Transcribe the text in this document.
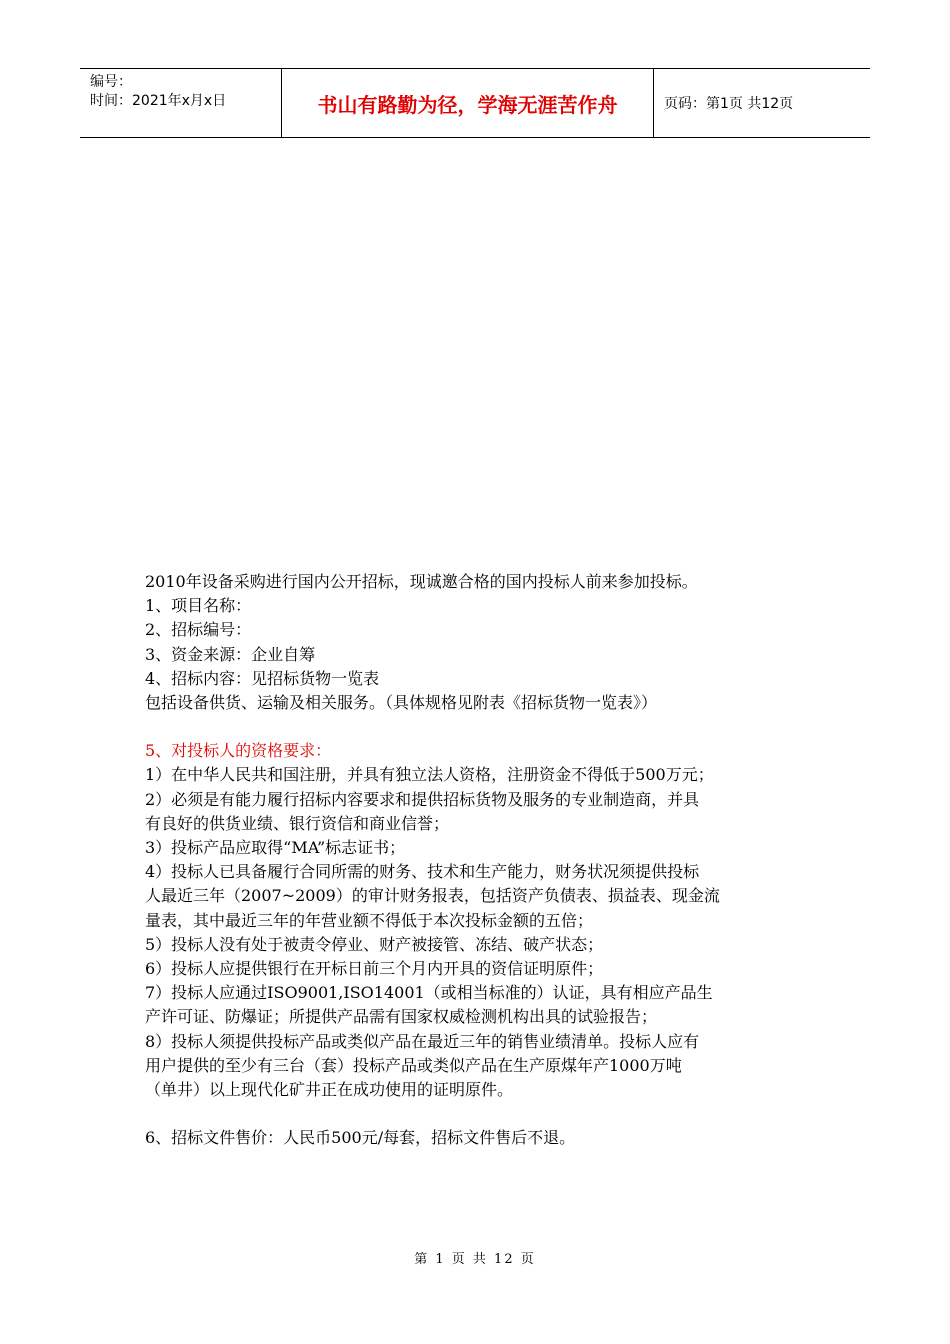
编号：
时间：2021年x月x日	书山有路勤为径，学海无涯苦作舟	页码：第1页 共12页
2010年设备采购进行国内公开招标，现诚邀合格的国内投标人前来参加投标。
1、项目名称：
2、招标编号：
3、资金来源：企业自筹
4、招标内容：见招标货物一览表
包括设备供货、运输及相关服务。（具体规格见附表《招标货物一览表》）
5、对投标人的资格要求：
1）在中华人民共和国注册，并具有独立法人资格，注册资金不得低于500万元；
2）必须是有能力履行招标内容要求和提供招标货物及服务的专业制造商，并具
有良好的供货业绩、银行资信和商业信誉；
3）投标产品应取得“MA”标志证书；
4）投标人已具备履行合同所需的财务、技术和生产能力，财务状况须提供投标
人最近三年（2007~2009）的审计财务报表，包括资产负债表、损益表、现金流
量表，其中最近三年的年营业额不得低于本次投标金额的五倍；
5）投标人没有处于被责令停业、财产被接管、冻结、破产状态；
6）投标人应提供银行在开标日前三个月内开具的资信证明原件；
7）投标人应通过ISO9001,ISO14001（或相当标准的）认证，具有相应产品生
产许可证、防爆证；所提供产品需有国家权威检测机构出具的试验报告；
8）投标人须提供投标产品或类似产品在最近三年的销售业绩清单。投标人应有
用户提供的至少有三台（套）投标产品或类似产品在生产原煤年产1000万吨
（单井）以上现代化矿井正在成功使用的证明原件。
6、招标文件售价：人民币500元/每套，招标文件售后不退。
第 1 页 共 12 页
